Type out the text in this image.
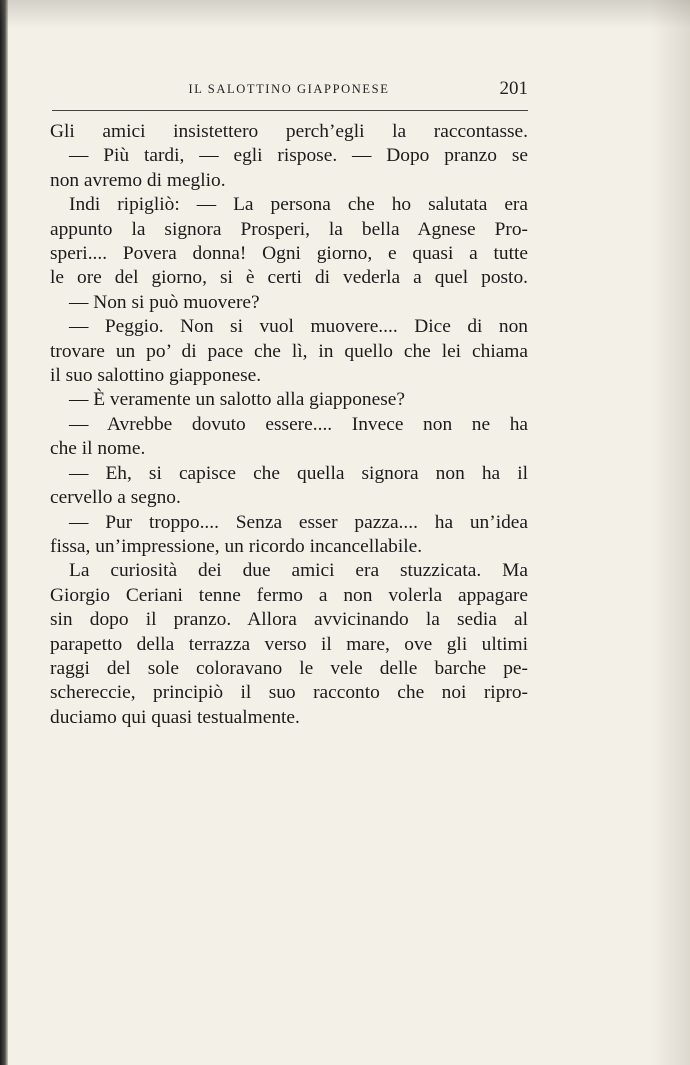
IL SALOTTINO GIAPPONESE	201

Gli amici insistettero perch’egli la raccontasse.

— Più tardi, — egli rispose. — Dopo pranzo se

non avremo di meglio.

Indi ripigliò: — La persona che ho salutata era

appunto la signora Prosperi, la bella Agnese Pro-

speri.... Povera donna! Ogni giorno, e quasi a tutte

le ore del giorno, si è certi di vederla a quel posto.

— Non si può muovere?

— Peggio. Non si vuol muovere.... Dice di non

trovare un po’ di pace che lì, in quello che lei chiama

il suo salottino giapponese.

— È veramente un salotto alla giapponese?

— Avrebbe dovuto essere.... Invece non ne ha

che il nome.

— Eh, si capisce che quella signora non ha il

cervello a segno.

— Pur troppo.... Senza esser pazza.... ha un’idea

fissa, un’impressione, un ricordo incancellabile.

La curiosità dei due amici era stuzzicata. Ma

Giorgio Ceriani tenne fermo a non volerla appagare

sin dopo il pranzo. Allora avvicinando la sedia al

parapetto della terrazza verso il mare, ove gli ultimi

raggi del sole coloravano le vele delle barche pe-

schereccie, principiò il suo racconto che noi ripro-

duciamo qui quasi testualmente.
